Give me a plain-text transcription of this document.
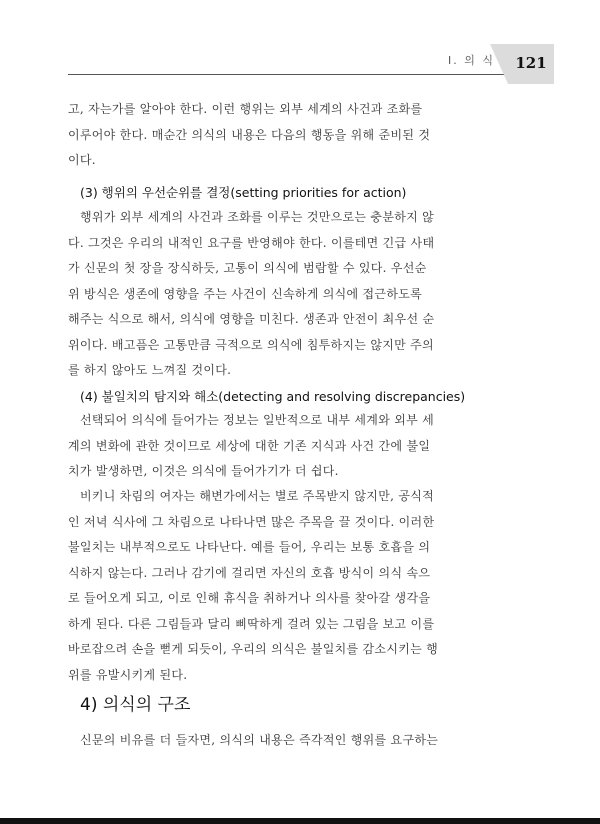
I. 의 식	121
고, 자는가를 알아야 한다. 이런 행위는 외부 세계의 사건과 조화를
이루어야 한다. 매순간 의식의 내용은 다음의 행동을 위해 준비된 것
이다.
(3) 행위의 우선순위를 결정(setting priorities for action)
행위가 외부 세계의 사건과 조화를 이루는 것만으로는 충분하지 않
다. 그것은 우리의 내적인 요구를 반영해야 한다. 이를테면 긴급 사태
가 신문의 첫 장을 장식하듯, 고통이 의식에 범람할 수 있다. 우선순
위 방식은 생존에 영향을 주는 사건이 신속하게 의식에 접근하도록
해주는 식으로 해서, 의식에 영향을 미친다. 생존과 안전이 최우선 순
위이다. 배고픔은 고통만큼 극적으로 의식에 침투하지는 않지만 주의
를 하지 않아도 느껴질 것이다.
(4) 불일치의 탐지와 해소(detecting and resolving discrepancies)
선택되어 의식에 들어가는 정보는 일반적으로 내부 세계와 외부 세
계의 변화에 관한 것이므로 세상에 대한 기존 지식과 사건 간에 불일
치가 발생하면, 이것은 의식에 들어가기가 더 쉽다.
비키니 차림의 여자는 해변가에서는 별로 주목받지 않지만, 공식적
인 저녁 식사에 그 차림으로 나타나면 많은 주목을 끌 것이다. 이러한
불일치는 내부적으로도 나타난다. 예를 들어, 우리는 보통 호흡을 의
식하지 않는다. 그러나 감기에 걸리면 자신의 호흡 방식이 의식 속으
로 들어오게 되고, 이로 인해 휴식을 취하거나 의사를 찾아갈 생각을
하게 된다. 다른 그림들과 달리 삐딱하게 걸려 있는 그림을 보고 이를
바로잡으려 손을 뻗게 되듯이, 우리의 의식은 불일치를 감소시키는 행
위를 유발시키게 된다.
4) 의식의 구조
신문의 비유를 더 들자면, 의식의 내용은 즉각적인 행위를 요구하는
